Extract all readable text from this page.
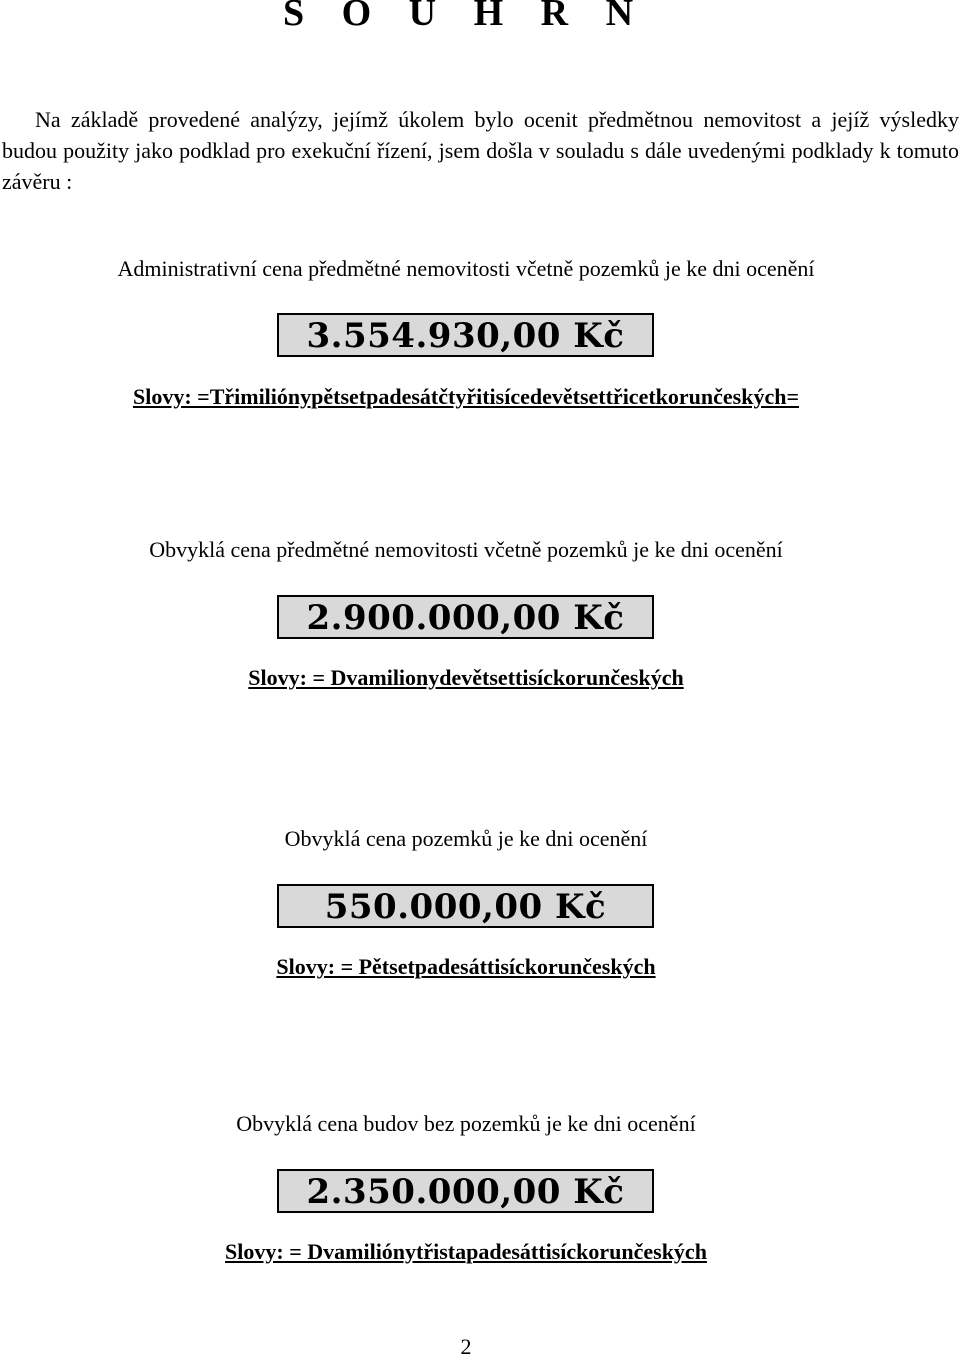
S O U H R N

Na základě provedené analýzy, jejímž úkolem bylo ocenit předmětnou nemovitost a jejíž výsledky budou použity jako podklad pro exekuční řízení, jsem došla v souladu s dále uvedenými podklady k tomuto závěru :

Administrativní cena předmětné nemovitosti včetně pozemků je ke dni ocenění

3.554.930,00 Kč

Slovy: =Třimiliónypětsetpadesátčtyřitisícedevětsettřicetkorunčeských=

Obvyklá cena předmětné nemovitosti včetně pozemků je ke dni ocenění

2.900.000,00 Kč

Slovy: = Dvamilionydevětsettisíckorunčeských

Obvyklá cena pozemků je ke dni ocenění

550.000,00 Kč

Slovy: = Pětsetpadesáttisíckorunčeských

Obvyklá cena budov bez pozemků je ke dni ocenění

2.350.000,00 Kč

Slovy: = Dvamiliónytřistapadesáttisíckorunčeských

2
